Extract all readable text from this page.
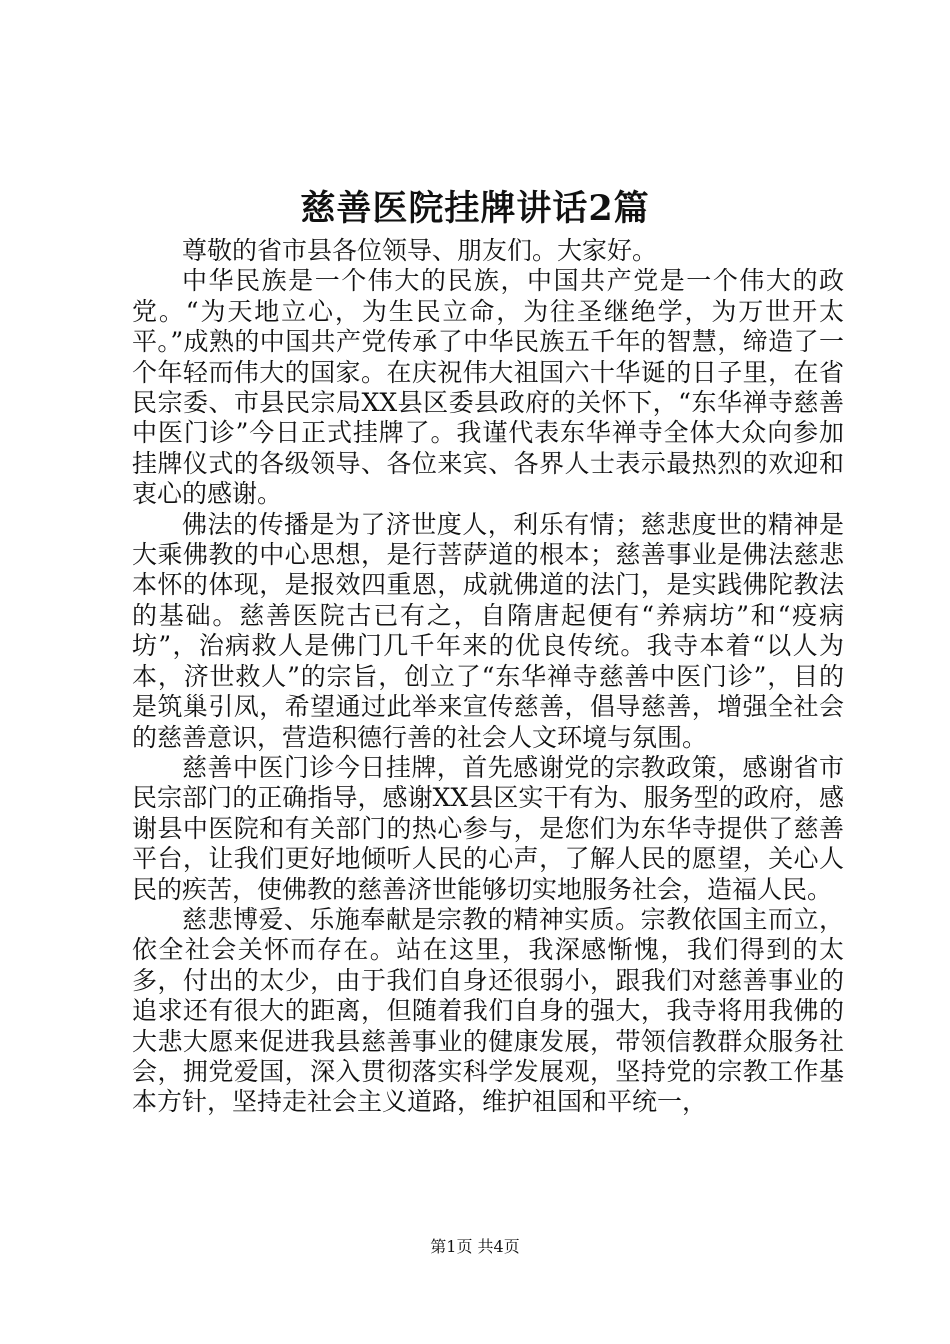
慈善医院挂牌讲话2篇

尊敬的省市县各位领导、朋友们。大家好。

中华民族是一个伟大的民族，中国共产党是一个伟大的政党。“为天地立心，为生民立命，为往圣继绝学，为万世开太平。”成熟的中国共产党传承了中华民族五千年的智慧，缔造了一个年轻而伟大的国家。在庆祝伟大祖国六十华诞的日子里，在省民宗委、市县民宗局XX县区委县政府的关怀下，“东华禅寺慈善中医门诊”今日正式挂牌了。我谨代表东华禅寺全体大众向参加挂牌仪式的各级领导、各位来宾、各界人士表示最热烈的欢迎和衷心的感谢。

佛法的传播是为了济世度人，利乐有情；慈悲度世的精神是大乘佛教的中心思想，是行菩萨道的根本；慈善事业是佛法慈悲本怀的体现，是报效四重恩，成就佛道的法门，是实践佛陀教法的基础。慈善医院古已有之，自隋唐起便有“养病坊”和“疫病坊”，治病救人是佛门几千年来的优良传统。我寺本着“以人为本，济世救人”的宗旨，创立了“东华禅寺慈善中医门诊”，目的是筑巢引凤，希望通过此举来宣传慈善，倡导慈善，增强全社会的慈善意识，营造积德行善的社会人文环境与氛围。

慈善中医门诊今日挂牌，首先感谢党的宗教政策，感谢省市民宗部门的正确指导，感谢XX县区实干有为、服务型的政府，感谢县中医院和有关部门的热心参与，是您们为东华寺提供了慈善平台，让我们更好地倾听人民的心声，了解人民的愿望，关心人民的疾苦，使佛教的慈善济世能够切实地服务社会，造福人民。

慈悲博爱、乐施奉献是宗教的精神实质。宗教依国主而立，依全社会关怀而存在。站在这里，我深感惭愧，我们得到的太多，付出的太少，由于我们自身还很弱小，跟我们对慈善事业的追求还有很大的距离，但随着我们自身的强大，我寺将用我佛的大悲大愿来促进我县慈善事业的健康发展，带领信教群众服务社会，拥党爱国，深入贯彻落实科学发展观，坚持党的宗教工作基本方针，坚持走社会主义道路，维护祖国和平统一，

第1页 共4页
